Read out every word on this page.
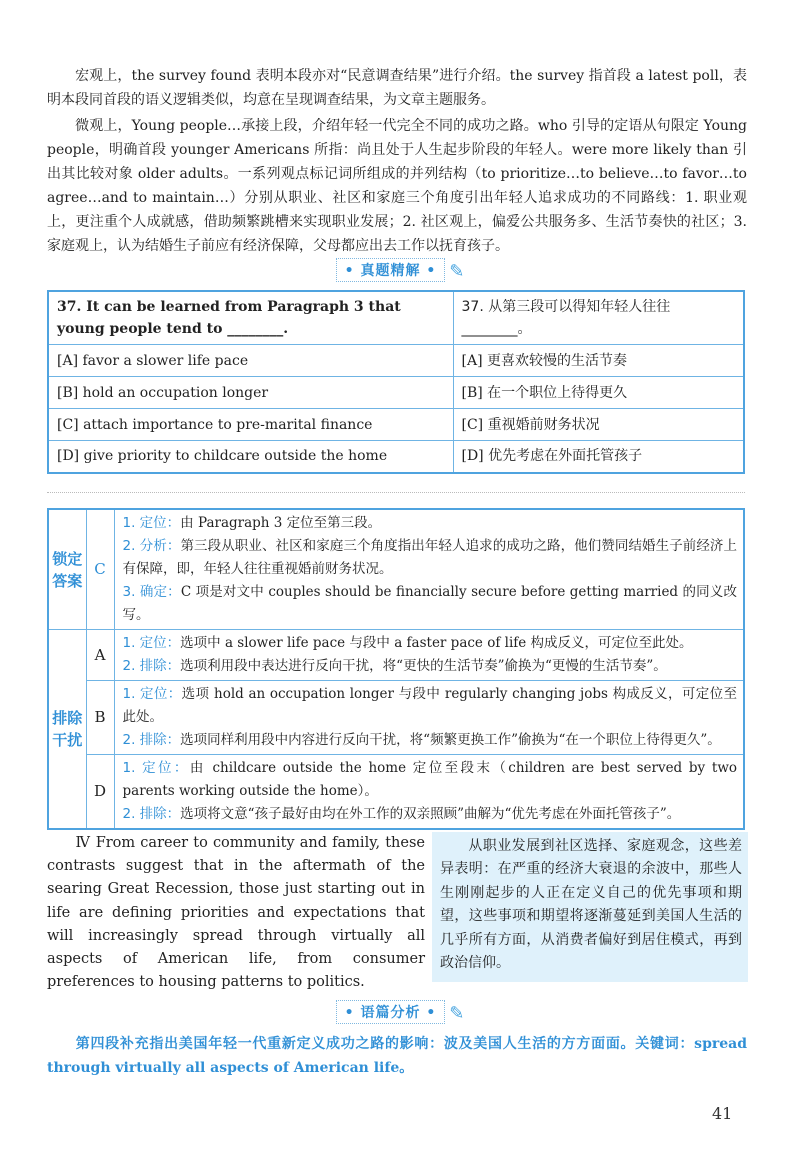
宏观上，the survey found 表明本段亦对“民意调查结果”进行介绍。the survey 指首段 a latest poll，表明本段同首段的语义逻辑类似，均意在呈现调查结果，为文章主题服务。
微观上，Young people…承接上段，介绍年轻一代完全不同的成功之路。who 引导的定语从句限定 Young people，明确首段 younger Americans 所指：尚且处于人生起步阶段的年轻人。were more likely than 引出其比较对象 older adults。一系列观点标记词所组成的并列结构（to prioritize…to believe…to favor…to agree…and to maintain…）分别从职业、社区和家庭三个角度引出年轻人追求成功的不同路线：1. 职业观上，更注重个人成就感，借助频繁跳槽来实现职业发展；2. 社区观上，偏爱公共服务多、生活节奏快的社区；3. 家庭观上，认为结婚生子前应有经济保障，父母都应出去工作以抚育孩子。
• 真题精解 • ✎
37. It can be learned from Paragraph 3 that young people tend to ________.	37. 从第三段可以得知年轻人往往________。
[A] favor a slower life pace	[A] 更喜欢较慢的生活节奏
[B] hold an occupation longer	[B] 在一个职位上待得更久
[C] attach importance to pre-marital finance	[C] 重视婚前财务状况
[D] give priority to childcare outside the home	[D] 优先考虑在外面托管孩子
锁定答案	C	1. 定位：由 Paragraph 3 定位至第三段。
2. 分析：第三段从职业、社区和家庭三个角度指出年轻人追求的成功之路，他们赞同结婚生子前经济上有保障，即，年轻人往往重视婚前财务状况。
3. 确定：C 项是对文中 couples should be financially secure before getting married 的同义改写。

排除干扰	A	1. 定位：选项中 a slower life pace 与段中 a faster pace of life 构成反义，可定位至此处。
2. 排除：选项利用段中表达进行反向干扰，将“更快的生活节奏”偷换为“更慢的生活节奏”。

	B	1. 定位：选项 hold an occupation longer 与段中 regularly changing jobs 构成反义，可定位至此处。
2. 排除：选项同样利用段中内容进行反向干扰，将“频繁更换工作”偷换为“在一个职位上待得更久”。

	D	1. 定位：由 childcare outside the home 定位至段末（children are best served by two parents working outside the home）。
2. 排除：选项将文意“孩子最好由均在外工作的双亲照顾”曲解为“优先考虑在外面托管孩子”。
Ⅳ From career to community and family, these contrasts suggest that in the aftermath of the searing Great Recession, those just starting out in life are defining priorities and expectations that will increasingly spread through virtually all aspects of American life, from consumer preferences to housing patterns to politics.
从职业发展到社区选择、家庭观念，这些差异表明：在严重的经济大衰退的余波中，那些人生刚刚起步的人正在定义自己的优先事项和期望，这些事项和期望将逐渐蔓延到美国人生活的几乎所有方面，从消费者偏好到居住模式，再到政治信仰。
• 语篇分析 • ✎
第四段补充指出美国年轻一代重新定义成功之路的影响：波及美国人生活的方方面面。关键词：spread through virtually all aspects of American life。
41
